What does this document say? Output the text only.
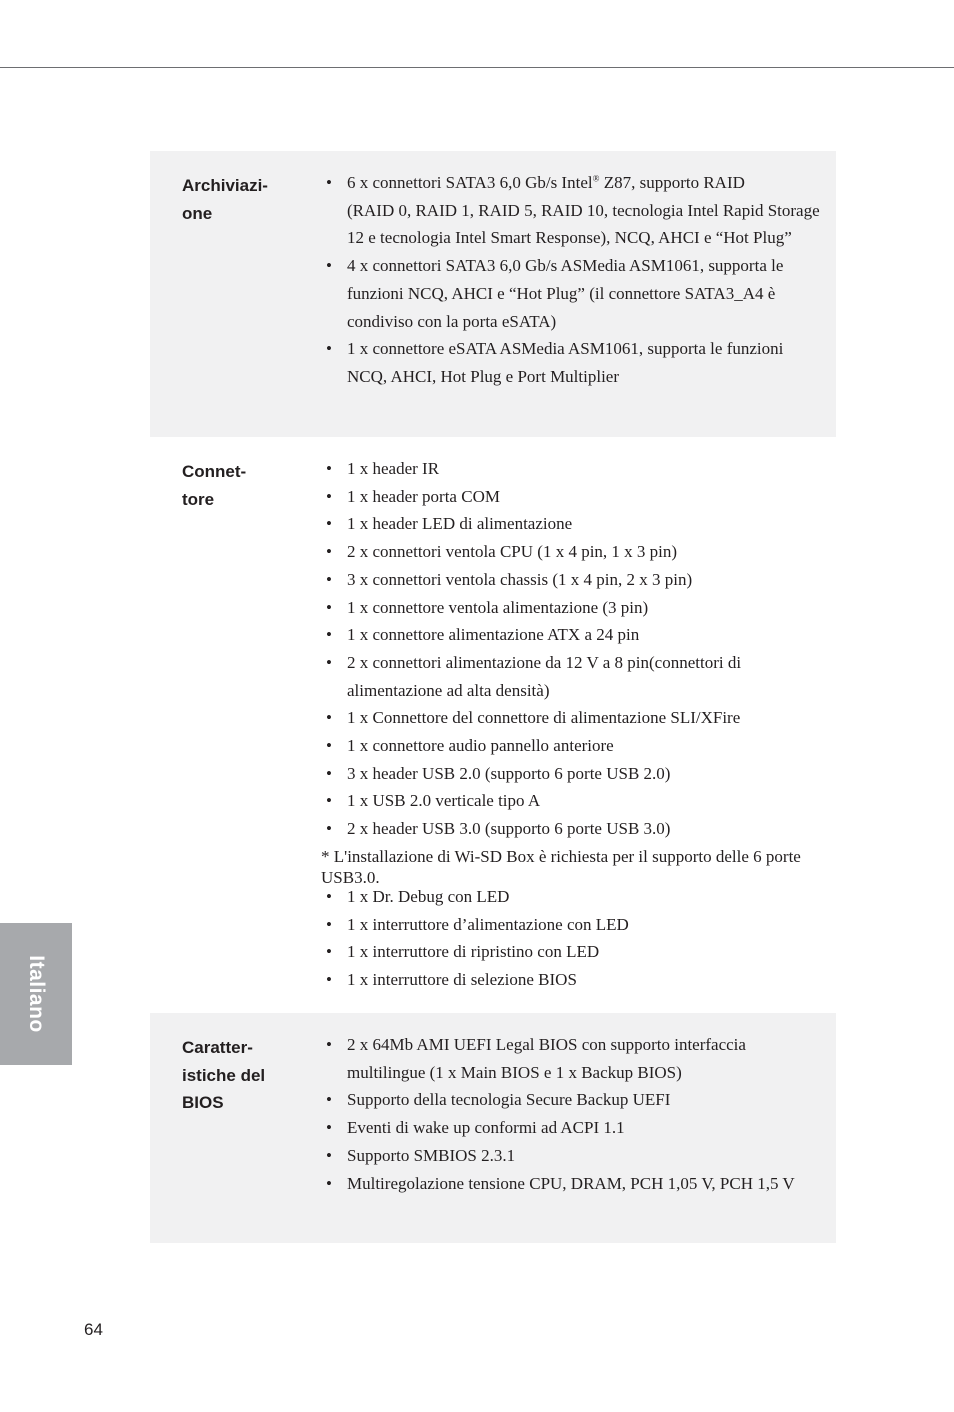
Archiviazi-
one
• 6 x connettori SATA3 6,0 Gb/s Intel® Z87, supporto RAID
(RAID 0, RAID 1, RAID 5, RAID 10, tecnologia Intel Rapid Storage 12 e tecnologia Intel Smart Response), NCQ, AHCI e “Hot Plug”
• 4 x connettori SATA3 6,0 Gb/s ASMedia ASM1061, supporta le funzioni NCQ, AHCI e “Hot Plug” (il connettore SATA3_A4 è condiviso con la porta eSATA)
• 1 x connettore eSATA ASMedia ASM1061, supporta le funzioni NCQ, AHCI, Hot Plug e Port Multiplier
Connet-
tore
• 1 x header IR
• 1 x header porta COM
• 1 x header LED di alimentazione
• 2 x connettori ventola CPU (1 x 4 pin, 1 x 3 pin)
• 3 x connettori ventola chassis (1 x 4 pin, 2 x 3 pin)
• 1 x connettore ventola alimentazione (3 pin)
• 1 x connettore alimentazione ATX a 24 pin
• 2 x connettori alimentazione da 12 V a 8 pin(connettori di alimentazione ad alta densità)
• 1 x Connettore del connettore di alimentazione SLI/XFire
• 1 x connettore audio pannello anteriore
• 3 x header USB 2.0 (supporto 6 porte USB 2.0)
• 1 x USB 2.0 verticale tipo A
• 2 x header USB 3.0 (supporto 6 porte USB 3.0)
* L'installazione di Wi-SD Box è richiesta per il supporto delle 6 porte USB3.0.
• 1 x Dr. Debug con LED
• 1 x interruttore d’alimentazione con LED
• 1 x interruttore di ripristino con LED
• 1 x interruttore di selezione BIOS
Caratter-
istiche del
BIOS
• 2 x 64Mb AMI UEFI Legal BIOS con supporto interfaccia multilingue (1 x Main BIOS e 1 x Backup BIOS)
• Supporto della tecnologia Secure Backup UEFI
• Eventi di wake up conformi ad ACPI 1.1
• Supporto SMBIOS 2.3.1
• Multiregolazione tensione CPU, DRAM, PCH 1,05 V, PCH 1,5 V
Italiano
64
